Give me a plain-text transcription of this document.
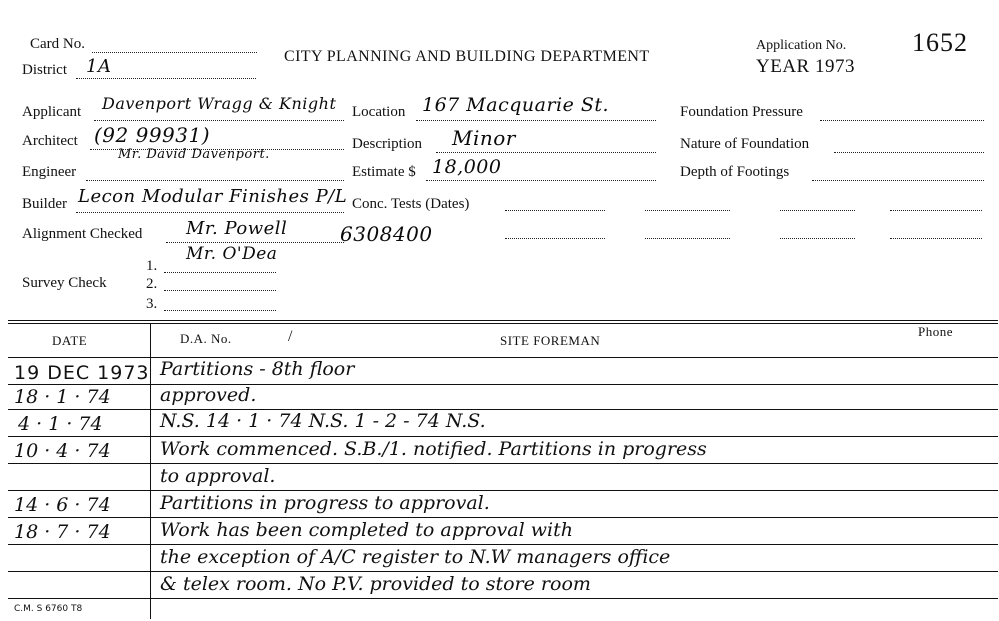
Card No.
District 1A	CITY PLANNING AND BUILDING DEPARTMENT
Application No.
YEAR 1973
1652
Applicant Davenport Wragg & Knight
Architect (92 99931)
Mr. David Davenport.
Engineer
Builder Lecon Modular Finishes P/L
Alignment Checked Mr. Powell	6308400
Mr. O'Dea
1.
Survey Check	2.
3.
Location 167 Macquarie St.
Description Minor
Estimate $ 18,000
Conc. Tests (Dates)
Foundation Pressure
Nature of Foundation
Depth of Footings
DATE	D.A. No.	/	SITE FOREMAN
Phone
19 DEC 1973 Partitions - 8th floor
18 · 1 · 74	approved.
4 · 1 · 74	N.S. 14 · 1 · 74 N.S. 1 - 2 - 74 N.S.
10 · 4 · 74	Work commenced. S.B./1. notified. Partitions in progress
to approval.
14 · 6 · 74	Partitions in progress to approval.
18 · 7 · 74	Work has been completed to approval with
the exception of A/C register to N.W managers office
& telex room. No P.V. provided to store room
C.M. S 6760 T8
